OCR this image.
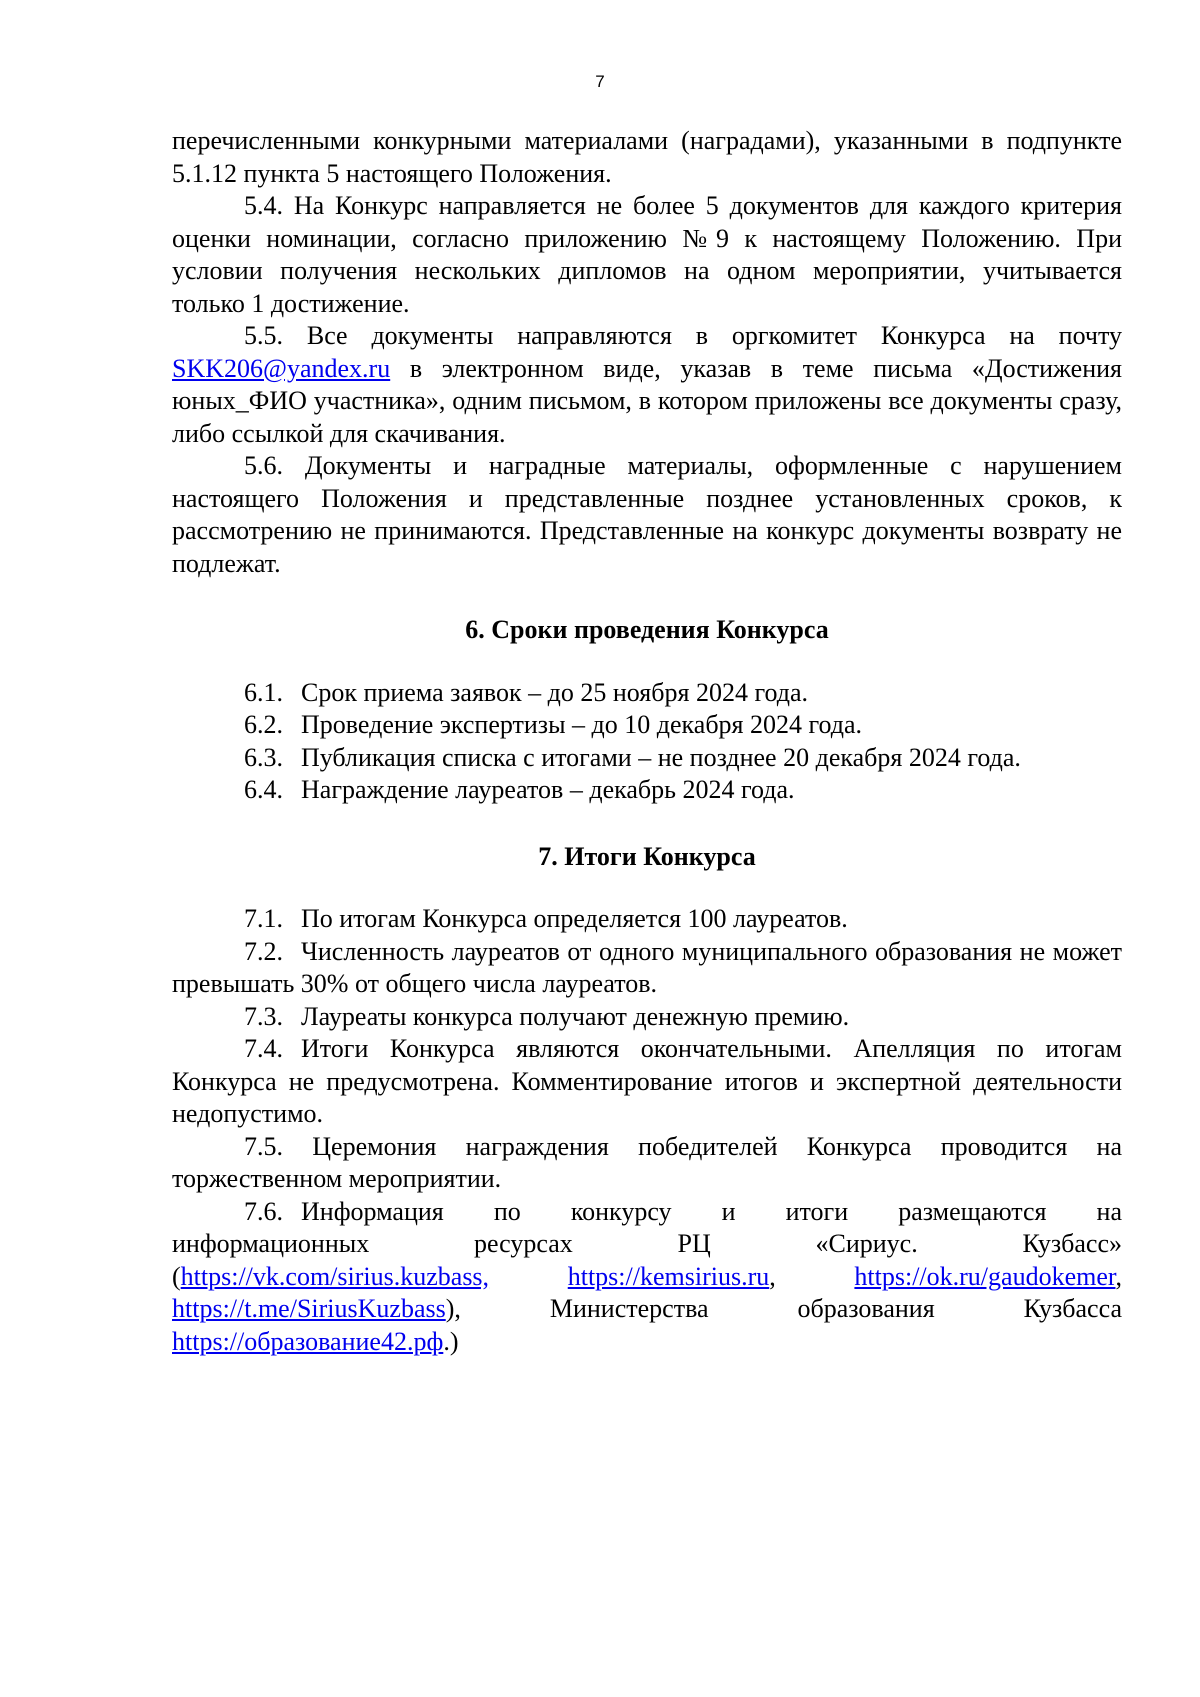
7

перечисленными конкурными материалами (наградами), указанными в подпункте 5.1.12 пункта 5 настоящего Положения.

5.4. На Конкурс направляется не более 5 документов для каждого критерия оценки номинации, согласно приложению №9 к настоящему Положению. При условии получения нескольких дипломов на одном мероприятии, учитывается только 1 достижение.

5.5. Все документы направляются в оргкомитет Конкурса на почту SKK206@yandex.ru в электронном виде, указав в теме письма «Достижения юных_ФИО участника», одним письмом, в котором приложены все документы сразу, либо ссылкой для скачивания.

5.6. Документы и наградные материалы, оформленные с нарушением настоящего Положения и представленные позднее установленных сроков, к рассмотрению не принимаются. Представленные на конкурс документы возврату не подлежат.

6. Сроки проведения Конкурса

6.1. Срок приема заявок – до 25 ноября 2024 года.

6.2. Проведение экспертизы – до 10 декабря 2024 года.

6.3. Публикация списка с итогами – не позднее 20 декабря 2024 года.

6.4. Награждение лауреатов – декабрь 2024 года.

7. Итоги Конкурса

7.1. По итогам Конкурса определяется 100 лауреатов.

7.2. Численность лауреатов от одного муниципального образования не может превышать 30% от общего числа лауреатов.

7.3. Лауреаты конкурса получают денежную премию.

7.4. Итоги Конкурса являются окончательными. Апелляция по итогам Конкурса не предусмотрена. Комментирование итогов и экспертной деятельности недопустимо.

7.5. Церемония награждения победителей Конкурса проводится на торжественном мероприятии.

7.6. Информация по конкурсу и итоги размещаются на

информационных ресурсах РЦ «Сириус. Кузбасс»

(https://vk.com/sirius.kuzbass,	https://kemsirius.ru,	https://ok.ru/gaudokemer,

https://t.me/SiriusKuzbass), Министерства образования Кузбасса

https://образование42.рф.)
